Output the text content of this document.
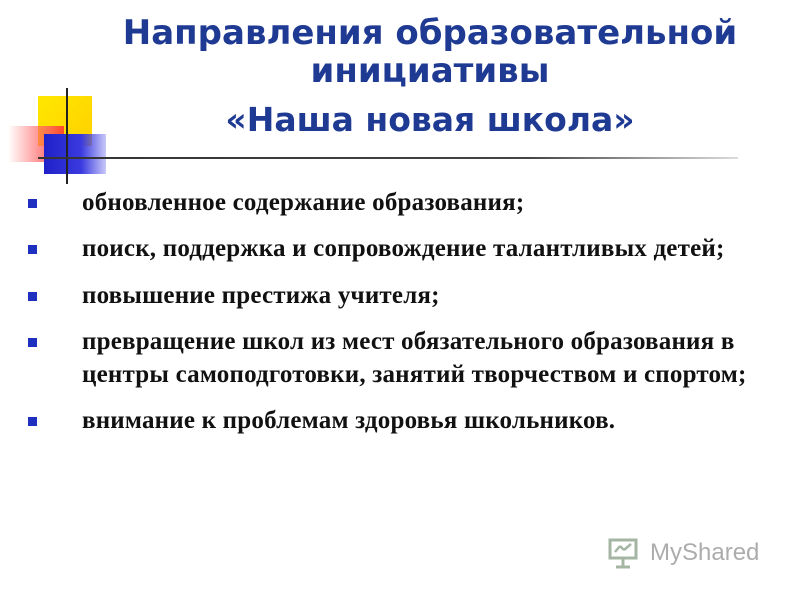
Направления образовательной
инициативы
«Наша новая школа»
обновленное содержание образования;
поиск, поддержка и сопровождение талантливых детей;
повышение престижа учителя;
превращение школ из мест обязательного образования в центры самоподготовки, занятий творчеством и спортом;
внимание к проблемам здоровья школьников.
MyShared
